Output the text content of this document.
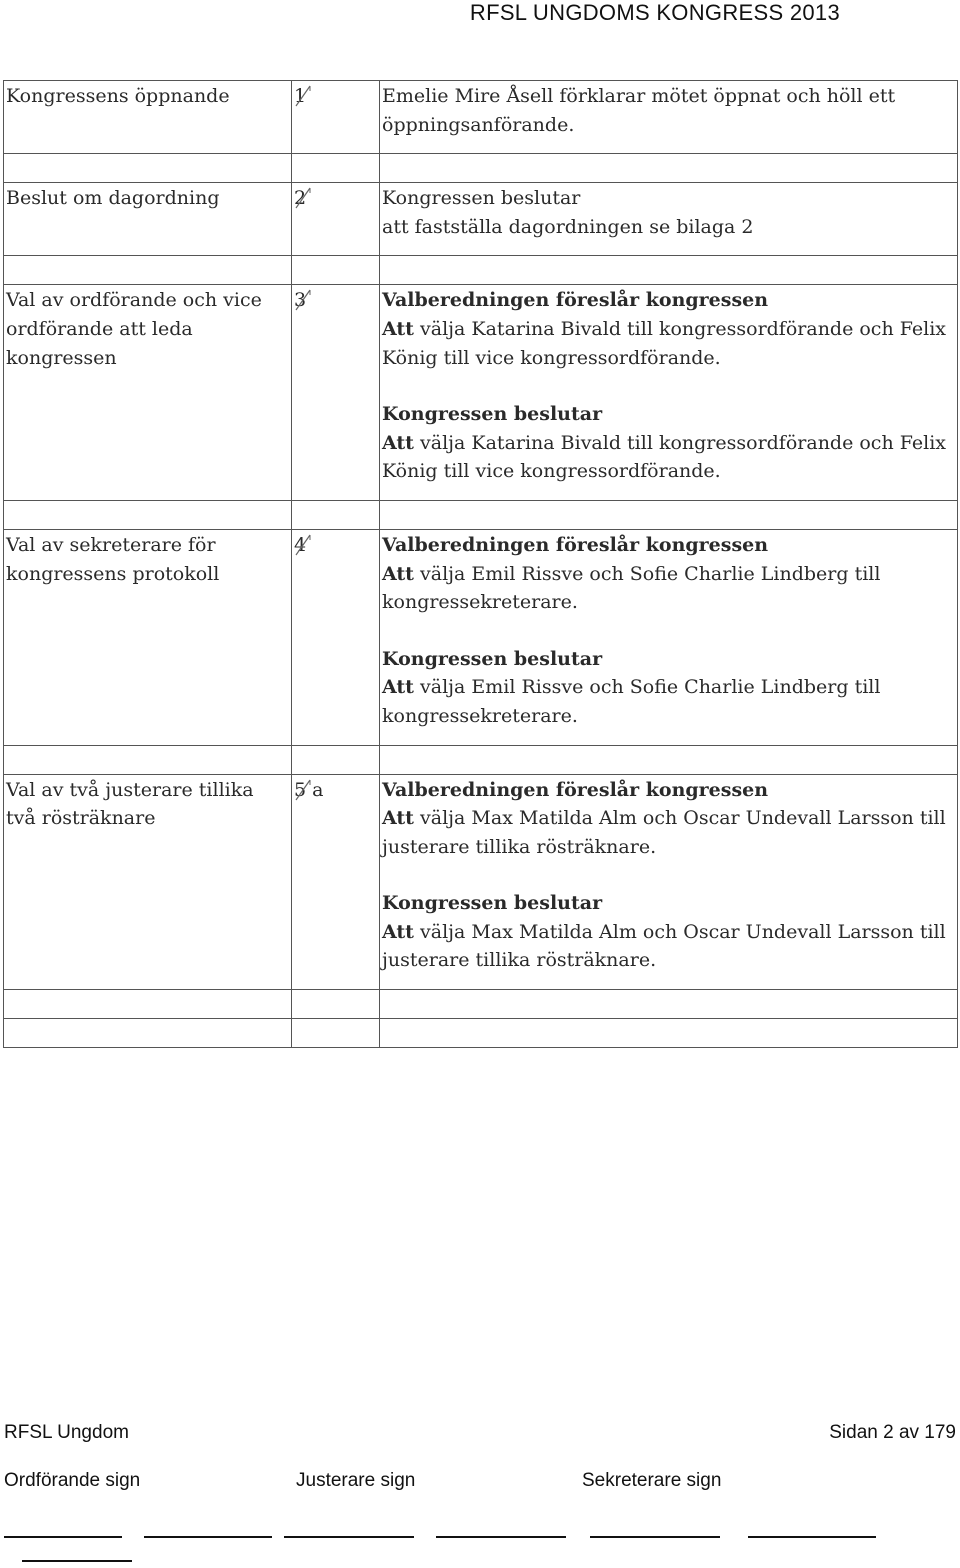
RFSL UNGDOMS KONGRESS 2013
Kongressens öppnande	1	Emelie Mire Åsell förklarar mötet öppnat och höll ett öppningsanförande.

Beslut om dagordning	2	Kongressen beslutar
att fastställa dagordningen se bilaga 2

Val av ordförande och vice ordförande att leda kongressen	3	Valberedningen föreslår kongressen
Att välja Katarina Bivald till kongressordförande och Felix König till vice kongressordförande.
Kongressen beslutar
Att välja Katarina Bivald till kongressordförande och Felix König till vice kongressordförande.

Val av sekreterare för kongressens protokoll	4	Valberedningen föreslår kongressen
Att välja Emil Rissve och Sofie Charlie Lindberg till kongressekreterare.
Kongressen beslutar
Att välja Emil Rissve och Sofie Charlie Lindberg till kongressekreterare.

Val av två justerare tillika två rösträknare	5 a	Valberedningen föreslår kongressen
Att välja Max Matilda Alm och Oscar Undevall Larsson till justerare tillika rösträknare.
Kongressen beslutar
Att välja Max Matilda Alm och Oscar Undevall Larsson till justerare tillika rösträknare.

RFSL Ungdom	Sidan 2 av 179
Ordförande sign	Justerare sign	Sekreterare sign
